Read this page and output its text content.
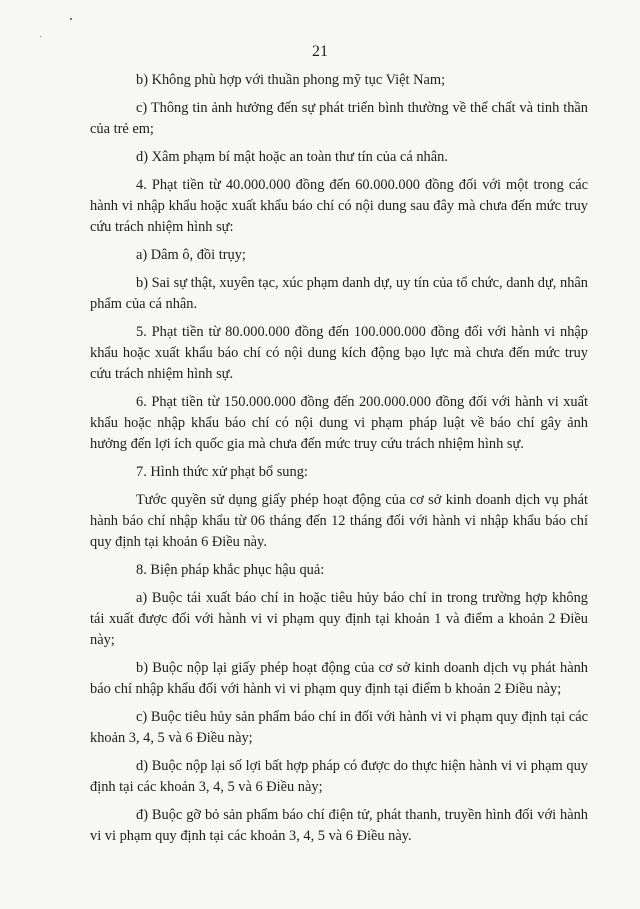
21

b) Không phù hợp với thuần phong mỹ tục Việt Nam;

c) Thông tin ảnh hưởng đến sự phát triển bình thường về thể chất và tinh thần của trẻ em;

d) Xâm phạm bí mật hoặc an toàn thư tín của cá nhân.

4. Phạt tiền từ 40.000.000 đồng đến 60.000.000 đồng đối với một trong các hành vi nhập khẩu hoặc xuất khẩu báo chí có nội dung sau đây mà chưa đến mức truy cứu trách nhiệm hình sự:

a) Dâm ô, đồi trụy;

b) Sai sự thật, xuyên tạc, xúc phạm danh dự, uy tín của tổ chức, danh dự, nhân phẩm của cá nhân.

5. Phạt tiền từ 80.000.000 đồng đến 100.000.000 đồng đối với hành vi nhập khẩu hoặc xuất khẩu báo chí có nội dung kích động bạo lực mà chưa đến mức truy cứu trách nhiệm hình sự.

6. Phạt tiền từ 150.000.000 đồng đến 200.000.000 đồng đối với hành vi xuất khẩu hoặc nhập khẩu báo chí có nội dung vi phạm pháp luật về báo chí gây ảnh hưởng đến lợi ích quốc gia mà chưa đến mức truy cứu trách nhiệm hình sự.

7. Hình thức xử phạt bổ sung:

Tước quyền sử dụng giấy phép hoạt động của cơ sở kinh doanh dịch vụ phát hành báo chí nhập khẩu từ 06 tháng đến 12 tháng đối với hành vi nhập khẩu báo chí quy định tại khoản 6 Điều này.

8. Biện pháp khắc phục hậu quả:

a) Buộc tái xuất báo chí in hoặc tiêu hủy báo chí in trong trường hợp không tái xuất được đối với hành vi vi phạm quy định tại khoản 1 và điểm a khoản 2 Điều này;

b) Buộc nộp lại giấy phép hoạt động của cơ sở kinh doanh dịch vụ phát hành báo chí nhập khẩu đối với hành vi vi phạm quy định tại điểm b khoản 2 Điều này;

c) Buộc tiêu hủy sản phẩm báo chí in đối với hành vi vi phạm quy định tại các khoản 3, 4, 5 và 6 Điều này;

d) Buộc nộp lại số lợi bất hợp pháp có được do thực hiện hành vi vi phạm quy định tại các khoản 3, 4, 5 và 6 Điều này;

đ) Buộc gỡ bỏ sản phẩm báo chí điện tử, phát thanh, truyền hình đối với hành vi vi phạm quy định tại các khoản 3, 4, 5 và 6 Điều này.
